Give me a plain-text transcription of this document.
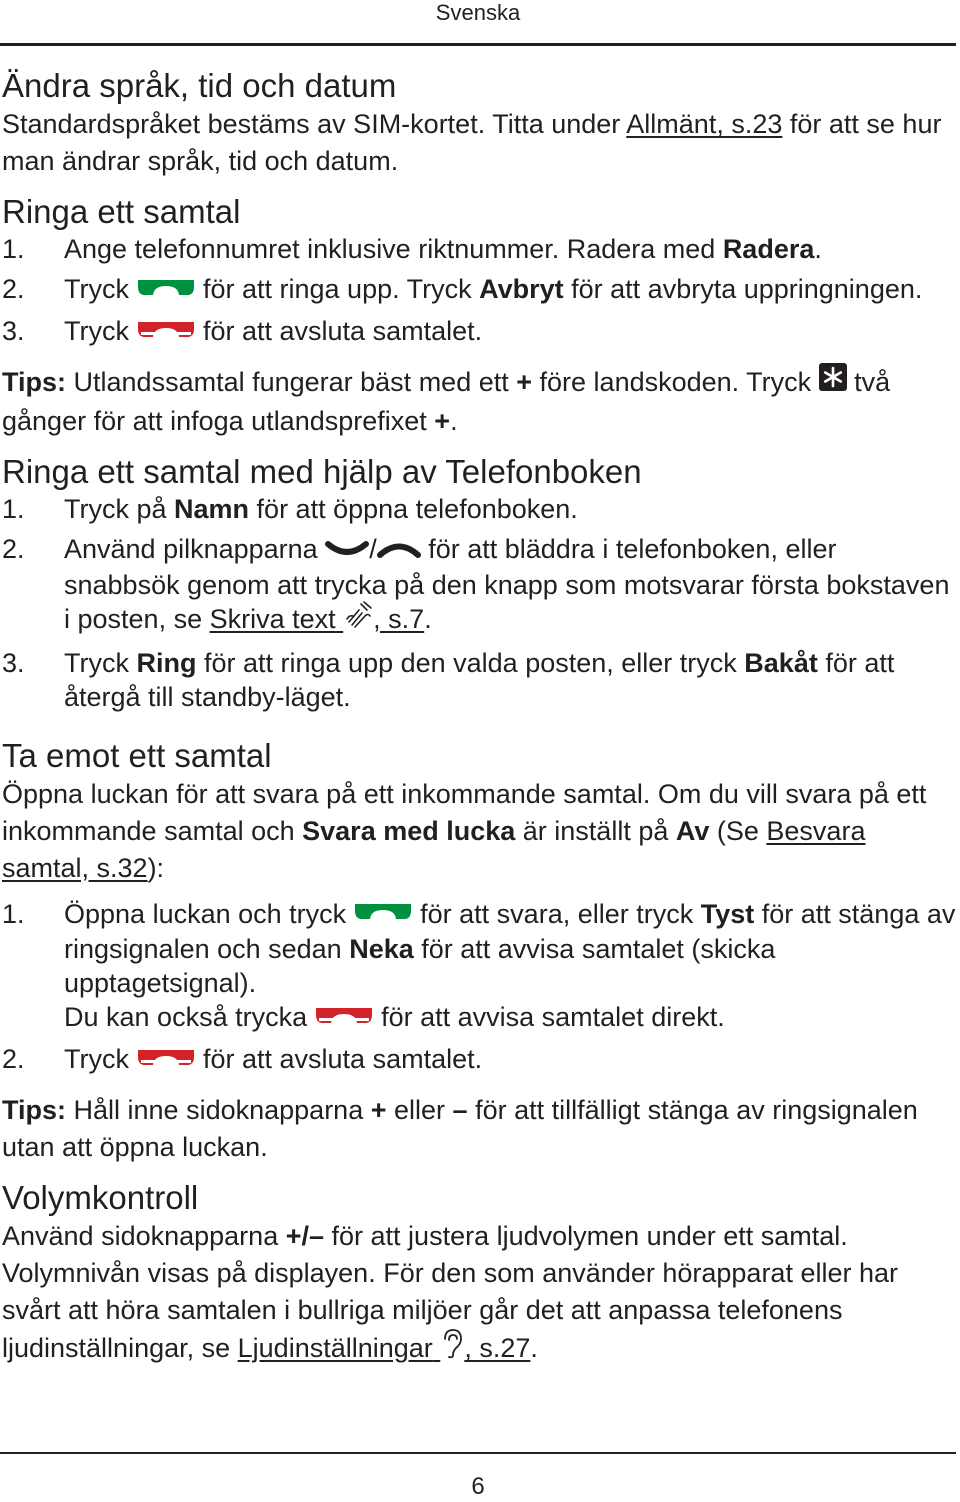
Svenska
Ändra språk, tid och datum

Standardspråket bestäms av SIM-kortet. Titta under Allmänt, s.23 för att se hur man ändrar språk, tid och datum.

Ringa ett samtal
1. Ange telefonnumret inklusive riktnummer. Radera med Radera.
2. Tryck	för att ringa upp. Tryck Avbryt för att avbryta uppringningen.
3. Tryck	för att avsluta samtalet.

Tips: Utlandssamtal fungerar bäst med ett + före landskoden. Tryck  två gånger för att infoga utlandsprefixet +.

Ringa ett samtal med hjälp av Telefonboken
1. Tryck på Namn för att öppna telefonboken.
2. Använd pilknapparna / för att bläddra i telefonboken, eller snabbsök genom att trycka på den knapp som motsvarar första bokstaven i posten, se Skriva text , s.7.
3. Tryck Ring för att ringa upp den valda posten, eller tryck Bakåt för att återgå till standby-läget.
Ta emot ett samtal

Öppna luckan för att svara på ett inkommande samtal. Om du vill svara på ett inkommande samtal och Svara med lucka är inställt på Av (Se Besvara samtal, s.32):

1. Öppna luckan och tryck	för att svara, eller tryck Tyst för att stänga av ringsignalen och sedan Neka för att avvisa samtalet (skicka upptagetsignal).
Du kan också trycka	för att avvisa samtalet direkt.
2. Tryck	för att avsluta samtalet.

Tips: Håll inne sidoknapparna + eller – för att tillfälligt stänga av ringsignalen utan att öppna luckan.

Volymkontroll

Använd sidoknapparna +/– för att justera ljudvolymen under ett samtal. Volymnivån visas på displayen. För den som använder hörapparat eller har svårt att höra samtalen i bullriga miljöer går det att anpassa telefonens ljudinställningar, se Ljudinställningar , s.27.

6
